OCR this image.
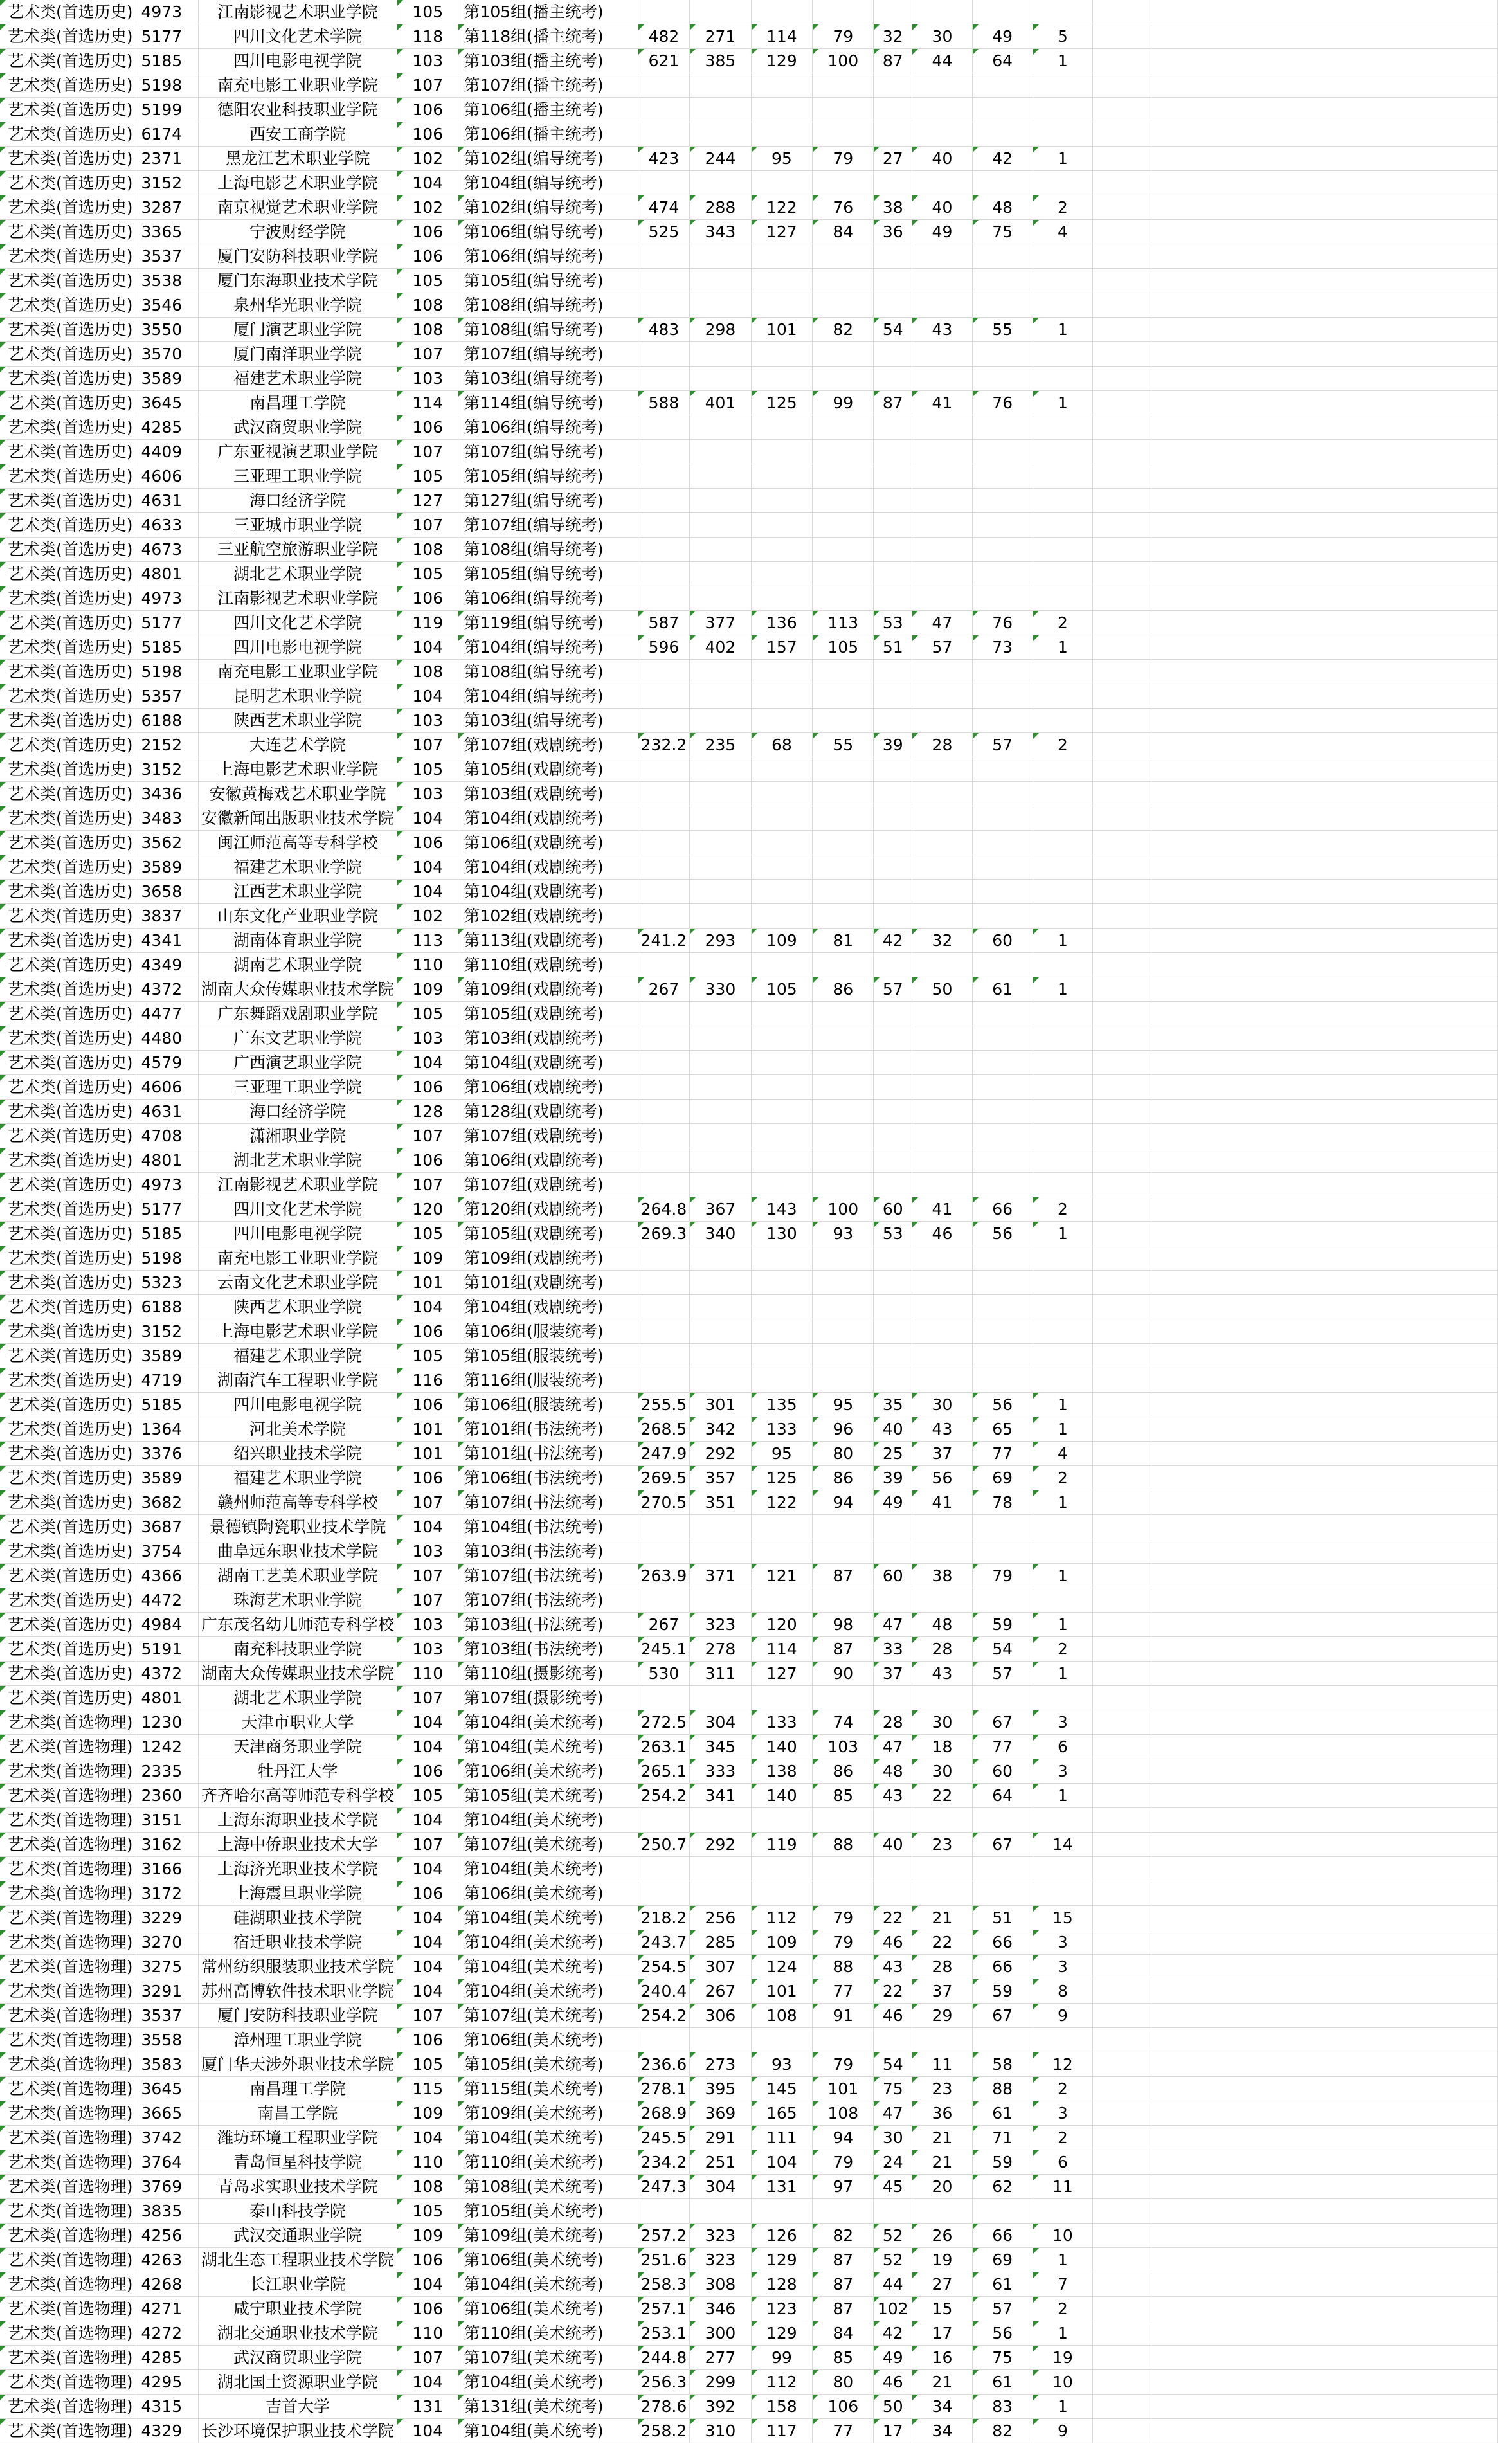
艺术类(首选历史)	4973	江南影视艺术职业学院	105	第105组(播主统考)										
艺术类(首选历史)	5177	四川文化艺术学院	118	第118组(播主统考)	482	271	114	79	32	30	49	5		
艺术类(首选历史)	5185	四川电影电视学院	103	第103组(播主统考)	621	385	129	100	87	44	64	1		
艺术类(首选历史)	5198	南充电影工业职业学院	107	第107组(播主统考)										
艺术类(首选历史)	5199	德阳农业科技职业学院	106	第106组(播主统考)										
艺术类(首选历史)	6174	西安工商学院	106	第106组(播主统考)										
艺术类(首选历史)	2371	黑龙江艺术职业学院	102	第102组(编导统考)	423	244	95	79	27	40	42	1		
艺术类(首选历史)	3152	上海电影艺术职业学院	104	第104组(编导统考)										
艺术类(首选历史)	3287	南京视觉艺术职业学院	102	第102组(编导统考)	474	288	122	76	38	40	48	2		
艺术类(首选历史)	3365	宁波财经学院	106	第106组(编导统考)	525	343	127	84	36	49	75	4		
艺术类(首选历史)	3537	厦门安防科技职业学院	106	第106组(编导统考)										
艺术类(首选历史)	3538	厦门东海职业技术学院	105	第105组(编导统考)										
艺术类(首选历史)	3546	泉州华光职业学院	108	第108组(编导统考)										
艺术类(首选历史)	3550	厦门演艺职业学院	108	第108组(编导统考)	483	298	101	82	54	43	55	1		
艺术类(首选历史)	3570	厦门南洋职业学院	107	第107组(编导统考)										
艺术类(首选历史)	3589	福建艺术职业学院	103	第103组(编导统考)										
艺术类(首选历史)	3645	南昌理工学院	114	第114组(编导统考)	588	401	125	99	87	41	76	1		
艺术类(首选历史)	4285	武汉商贸职业学院	106	第106组(编导统考)										
艺术类(首选历史)	4409	广东亚视演艺职业学院	107	第107组(编导统考)										
艺术类(首选历史)	4606	三亚理工职业学院	105	第105组(编导统考)										
艺术类(首选历史)	4631	海口经济学院	127	第127组(编导统考)										
艺术类(首选历史)	4633	三亚城市职业学院	107	第107组(编导统考)										
艺术类(首选历史)	4673	三亚航空旅游职业学院	108	第108组(编导统考)										
艺术类(首选历史)	4801	湖北艺术职业学院	105	第105组(编导统考)										
艺术类(首选历史)	4973	江南影视艺术职业学院	106	第106组(编导统考)										
艺术类(首选历史)	5177	四川文化艺术学院	119	第119组(编导统考)	587	377	136	113	53	47	76	2		
艺术类(首选历史)	5185	四川电影电视学院	104	第104组(编导统考)	596	402	157	105	51	57	73	1		
艺术类(首选历史)	5198	南充电影工业职业学院	108	第108组(编导统考)										
艺术类(首选历史)	5357	昆明艺术职业学院	104	第104组(编导统考)										
艺术类(首选历史)	6188	陕西艺术职业学院	103	第103组(编导统考)										
艺术类(首选历史)	2152	大连艺术学院	107	第107组(戏剧统考)	232.2	235	68	55	39	28	57	2		
艺术类(首选历史)	3152	上海电影艺术职业学院	105	第105组(戏剧统考)										
艺术类(首选历史)	3436	安徽黄梅戏艺术职业学院	103	第103组(戏剧统考)										
艺术类(首选历史)	3483	安徽新闻出版职业技术学院	104	第104组(戏剧统考)										
艺术类(首选历史)	3562	闽江师范高等专科学校	106	第106组(戏剧统考)										
艺术类(首选历史)	3589	福建艺术职业学院	104	第104组(戏剧统考)										
艺术类(首选历史)	3658	江西艺术职业学院	104	第104组(戏剧统考)										
艺术类(首选历史)	3837	山东文化产业职业学院	102	第102组(戏剧统考)										
艺术类(首选历史)	4341	湖南体育职业学院	113	第113组(戏剧统考)	241.2	293	109	81	42	32	60	1		
艺术类(首选历史)	4349	湖南艺术职业学院	110	第110组(戏剧统考)										
艺术类(首选历史)	4372	湖南大众传媒职业技术学院	109	第109组(戏剧统考)	267	330	105	86	57	50	61	1		
艺术类(首选历史)	4477	广东舞蹈戏剧职业学院	105	第105组(戏剧统考)										
艺术类(首选历史)	4480	广东文艺职业学院	103	第103组(戏剧统考)										
艺术类(首选历史)	4579	广西演艺职业学院	104	第104组(戏剧统考)										
艺术类(首选历史)	4606	三亚理工职业学院	106	第106组(戏剧统考)										
艺术类(首选历史)	4631	海口经济学院	128	第128组(戏剧统考)										
艺术类(首选历史)	4708	潇湘职业学院	107	第107组(戏剧统考)										
艺术类(首选历史)	4801	湖北艺术职业学院	106	第106组(戏剧统考)										
艺术类(首选历史)	4973	江南影视艺术职业学院	107	第107组(戏剧统考)										
艺术类(首选历史)	5177	四川文化艺术学院	120	第120组(戏剧统考)	264.8	367	143	100	60	41	66	2		
艺术类(首选历史)	5185	四川电影电视学院	105	第105组(戏剧统考)	269.3	340	130	93	53	46	56	1		
艺术类(首选历史)	5198	南充电影工业职业学院	109	第109组(戏剧统考)										
艺术类(首选历史)	5323	云南文化艺术职业学院	101	第101组(戏剧统考)										
艺术类(首选历史)	6188	陕西艺术职业学院	104	第104组(戏剧统考)										
艺术类(首选历史)	3152	上海电影艺术职业学院	106	第106组(服装统考)										
艺术类(首选历史)	3589	福建艺术职业学院	105	第105组(服装统考)										
艺术类(首选历史)	4719	湖南汽车工程职业学院	116	第116组(服装统考)										
艺术类(首选历史)	5185	四川电影电视学院	106	第106组(服装统考)	255.5	301	135	95	35	30	56	1		
艺术类(首选历史)	1364	河北美术学院	101	第101组(书法统考)	268.5	342	133	96	40	43	65	1		
艺术类(首选历史)	3376	绍兴职业技术学院	101	第101组(书法统考)	247.9	292	95	80	25	37	77	4		
艺术类(首选历史)	3589	福建艺术职业学院	106	第106组(书法统考)	269.5	357	125	86	39	56	69	2		
艺术类(首选历史)	3682	赣州师范高等专科学校	107	第107组(书法统考)	270.5	351	122	94	49	41	78	1		
艺术类(首选历史)	3687	景德镇陶瓷职业技术学院	104	第104组(书法统考)										
艺术类(首选历史)	3754	曲阜远东职业技术学院	103	第103组(书法统考)										
艺术类(首选历史)	4366	湖南工艺美术职业学院	107	第107组(书法统考)	263.9	371	121	87	60	38	79	1		
艺术类(首选历史)	4472	珠海艺术职业学院	107	第107组(书法统考)										
艺术类(首选历史)	4984	广东茂名幼儿师范专科学校	103	第103组(书法统考)	267	323	120	98	47	48	59	1		
艺术类(首选历史)	5191	南充科技职业学院	103	第103组(书法统考)	245.1	278	114	87	33	28	54	2		
艺术类(首选历史)	4372	湖南大众传媒职业技术学院	110	第110组(摄影统考)	530	311	127	90	37	43	57	1		
艺术类(首选历史)	4801	湖北艺术职业学院	107	第107组(摄影统考)										
艺术类(首选物理)	1230	天津市职业大学	104	第104组(美术统考)	272.5	304	133	74	28	30	67	3		
艺术类(首选物理)	1242	天津商务职业学院	104	第104组(美术统考)	263.1	345	140	103	47	18	77	6		
艺术类(首选物理)	2335	牡丹江大学	106	第106组(美术统考)	265.1	333	138	86	48	30	60	3		
艺术类(首选物理)	2360	齐齐哈尔高等师范专科学校	105	第105组(美术统考)	254.2	341	140	85	43	22	64	1		
艺术类(首选物理)	3151	上海东海职业技术学院	104	第104组(美术统考)										
艺术类(首选物理)	3162	上海中侨职业技术大学	107	第107组(美术统考)	250.7	292	119	88	40	23	67	14		
艺术类(首选物理)	3166	上海济光职业技术学院	104	第104组(美术统考)										
艺术类(首选物理)	3172	上海震旦职业学院	106	第106组(美术统考)										
艺术类(首选物理)	3229	硅湖职业技术学院	104	第104组(美术统考)	218.2	256	112	79	22	21	51	15		
艺术类(首选物理)	3270	宿迁职业技术学院	104	第104组(美术统考)	243.7	285	109	79	46	22	66	3		
艺术类(首选物理)	3275	常州纺织服装职业技术学院	104	第104组(美术统考)	254.5	307	124	88	43	28	66	3		
艺术类(首选物理)	3291	苏州高博软件技术职业学院	104	第104组(美术统考)	240.4	267	101	77	22	37	59	8		
艺术类(首选物理)	3537	厦门安防科技职业学院	107	第107组(美术统考)	254.2	306	108	91	46	29	67	9		
艺术类(首选物理)	3558	漳州理工职业学院	106	第106组(美术统考)										
艺术类(首选物理)	3583	厦门华天涉外职业技术学院	105	第105组(美术统考)	236.6	273	93	79	54	11	58	12		
艺术类(首选物理)	3645	南昌理工学院	115	第115组(美术统考)	278.1	395	145	101	75	23	88	2		
艺术类(首选物理)	3665	南昌工学院	109	第109组(美术统考)	268.9	369	165	108	47	36	61	3		
艺术类(首选物理)	3742	潍坊环境工程职业学院	104	第104组(美术统考)	245.5	291	111	94	30	21	71	2		
艺术类(首选物理)	3764	青岛恒星科技学院	110	第110组(美术统考)	234.2	251	104	79	24	21	59	6		
艺术类(首选物理)	3769	青岛求实职业技术学院	108	第108组(美术统考)	247.3	304	131	97	45	20	62	11		
艺术类(首选物理)	3835	泰山科技学院	105	第105组(美术统考)										
艺术类(首选物理)	4256	武汉交通职业学院	109	第109组(美术统考)	257.2	323	126	82	52	26	66	10		
艺术类(首选物理)	4263	湖北生态工程职业技术学院	106	第106组(美术统考)	251.6	323	129	87	52	19	69	1		
艺术类(首选物理)	4268	长江职业学院	104	第104组(美术统考)	258.3	308	128	87	44	27	61	7		
艺术类(首选物理)	4271	咸宁职业技术学院	106	第106组(美术统考)	257.1	346	123	87	102	15	57	2		
艺术类(首选物理)	4272	湖北交通职业技术学院	110	第110组(美术统考)	253.1	300	129	84	42	17	56	1		
艺术类(首选物理)	4285	武汉商贸职业学院	107	第107组(美术统考)	244.8	277	99	85	49	16	75	19		
艺术类(首选物理)	4295	湖北国土资源职业学院	104	第104组(美术统考)	256.3	299	112	80	46	21	61	10		
艺术类(首选物理)	4315	吉首大学	131	第131组(美术统考)	278.6	392	158	106	50	34	83	1		
艺术类(首选物理)	4329	长沙环境保护职业技术学院	104	第104组(美术统考)	258.2	310	117	77	17	34	82	9		
